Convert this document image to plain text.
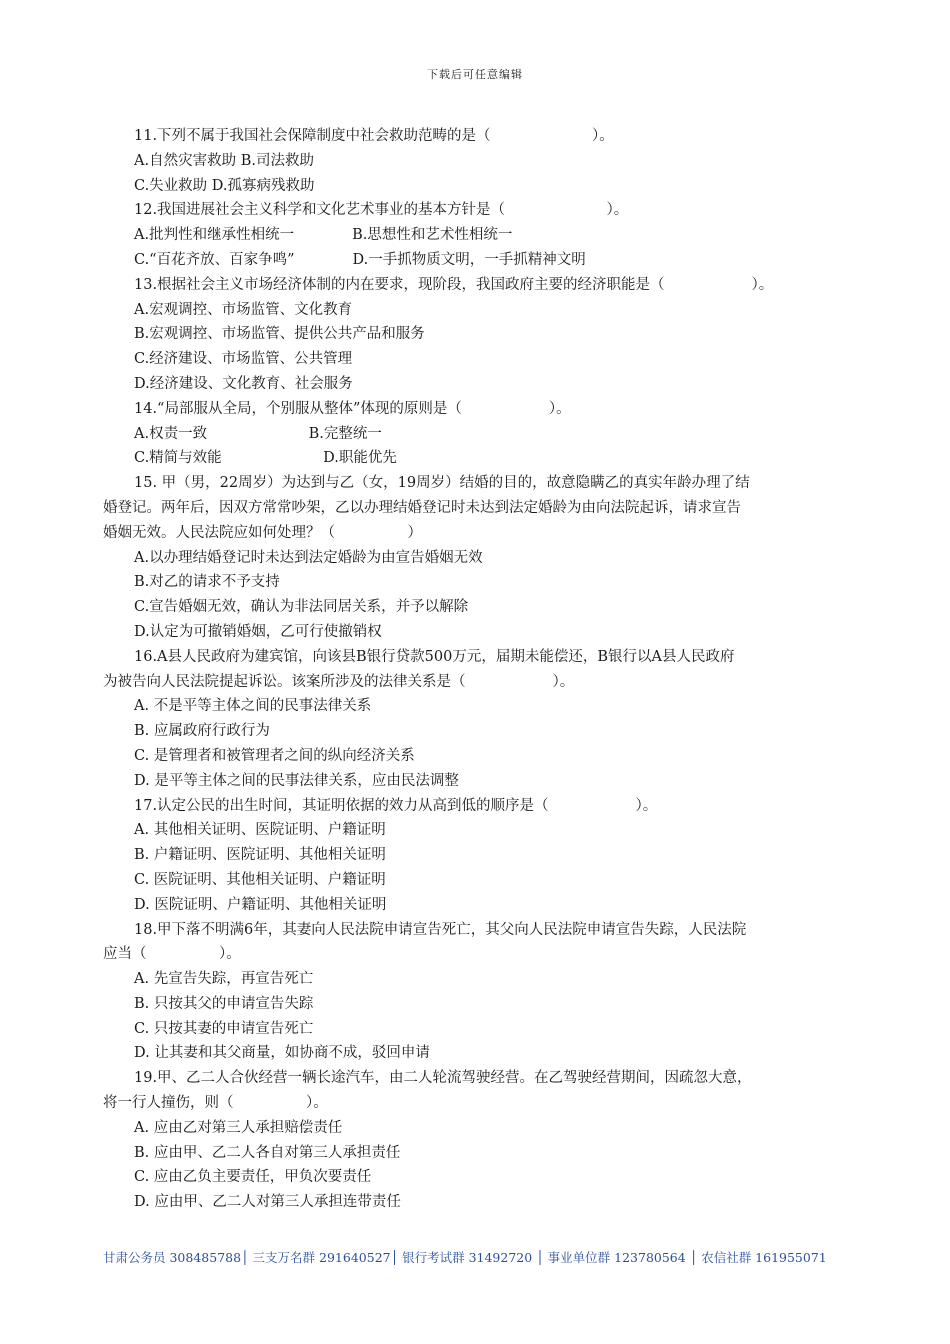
下载后可任意编辑
11.下列不属于我国社会保障制度中社会救助范畴的是（　　　　　　　）。
A.自然灾害救助 B.司法救助
C.失业救助 D.孤寡病残救助
12.我国进展社会主义科学和文化艺术事业的基本方针是（　　　　　　　）。
A.批判性和继承性相统一　　　　B.思想性和艺术性相统一
C.“百花齐放、百家争鸣”　　　　D.一手抓物质文明，一手抓精神文明
13.根据社会主义市场经济体制的内在要求，现阶段，我国政府主要的经济职能是（　　　　　　）。
A.宏观调控、市场监管、文化教育
B.宏观调控、市场监管、提供公共产品和服务
C.经济建设、市场监管、公共管理
D.经济建设、文化教育、社会服务
14.“局部服从全局，个别服从整体”体现的原则是（　　　　　　）。
A.权责一致　　　　　　　B.完整统一
C.精简与效能　　　　　　　D.职能优先
15. 甲（男，22周岁）为达到与乙（女，19周岁）结婚的目的，故意隐瞒乙的真实年龄办理了结
婚登记。两年后，因双方常常吵架，乙以办理结婚登记时未达到法定婚龄为由向法院起诉，请求宣告
婚姻无效。人民法院应如何处理？（　　　　　）
A.以办理结婚登记时未达到法定婚龄为由宣告婚姻无效
B.对乙的请求不予支持
C.宣告婚姻无效，确认为非法同居关系，并予以解除
D.认定为可撤销婚姻，乙可行使撤销权
16.A县人民政府为建宾馆，向该县B银行贷款500万元，届期未能偿还，B银行以A县人民政府
为被告向人民法院提起诉讼。该案所涉及的法律关系是（　　　　　　）。
A. 不是平等主体之间的民事法律关系
B. 应属政府行政行为
C. 是管理者和被管理者之间的纵向经济关系
D. 是平等主体之间的民事法律关系，应由民法调整
17.认定公民的出生时间，其证明依据的效力从高到低的顺序是（　　　　　　）。
A. 其他相关证明、医院证明、户籍证明
B. 户籍证明、医院证明、其他相关证明
C. 医院证明、其他相关证明、户籍证明
D. 医院证明、户籍证明、其他相关证明
18.甲下落不明满6年，其妻向人民法院申请宣告死亡，其父向人民法院申请宣告失踪，人民法院
应当（　　　　　）。
A. 先宣告失踪，再宣告死亡
B. 只按其父的申请宣告失踪
C. 只按其妻的申请宣告死亡
D. 让其妻和其父商量，如协商不成，驳回申请
19.甲、乙二人合伙经营一辆长途汽车，由二人轮流驾驶经营。在乙驾驶经营期间，因疏忽大意，
将一行人撞伤，则（　　　　　）。
A. 应由乙对第三人承担赔偿责任
B. 应由甲、乙二人各自对第三人承担责任
C. 应由乙负主要责任，甲负次要责任
D. 应由甲、乙二人对第三人承担连带责任
甘肃公务员 308485788│ 三支万名群 291640527│ 银行考试群 31492720 │ 事业单位群 123780564 │ 农信社群 161955071
